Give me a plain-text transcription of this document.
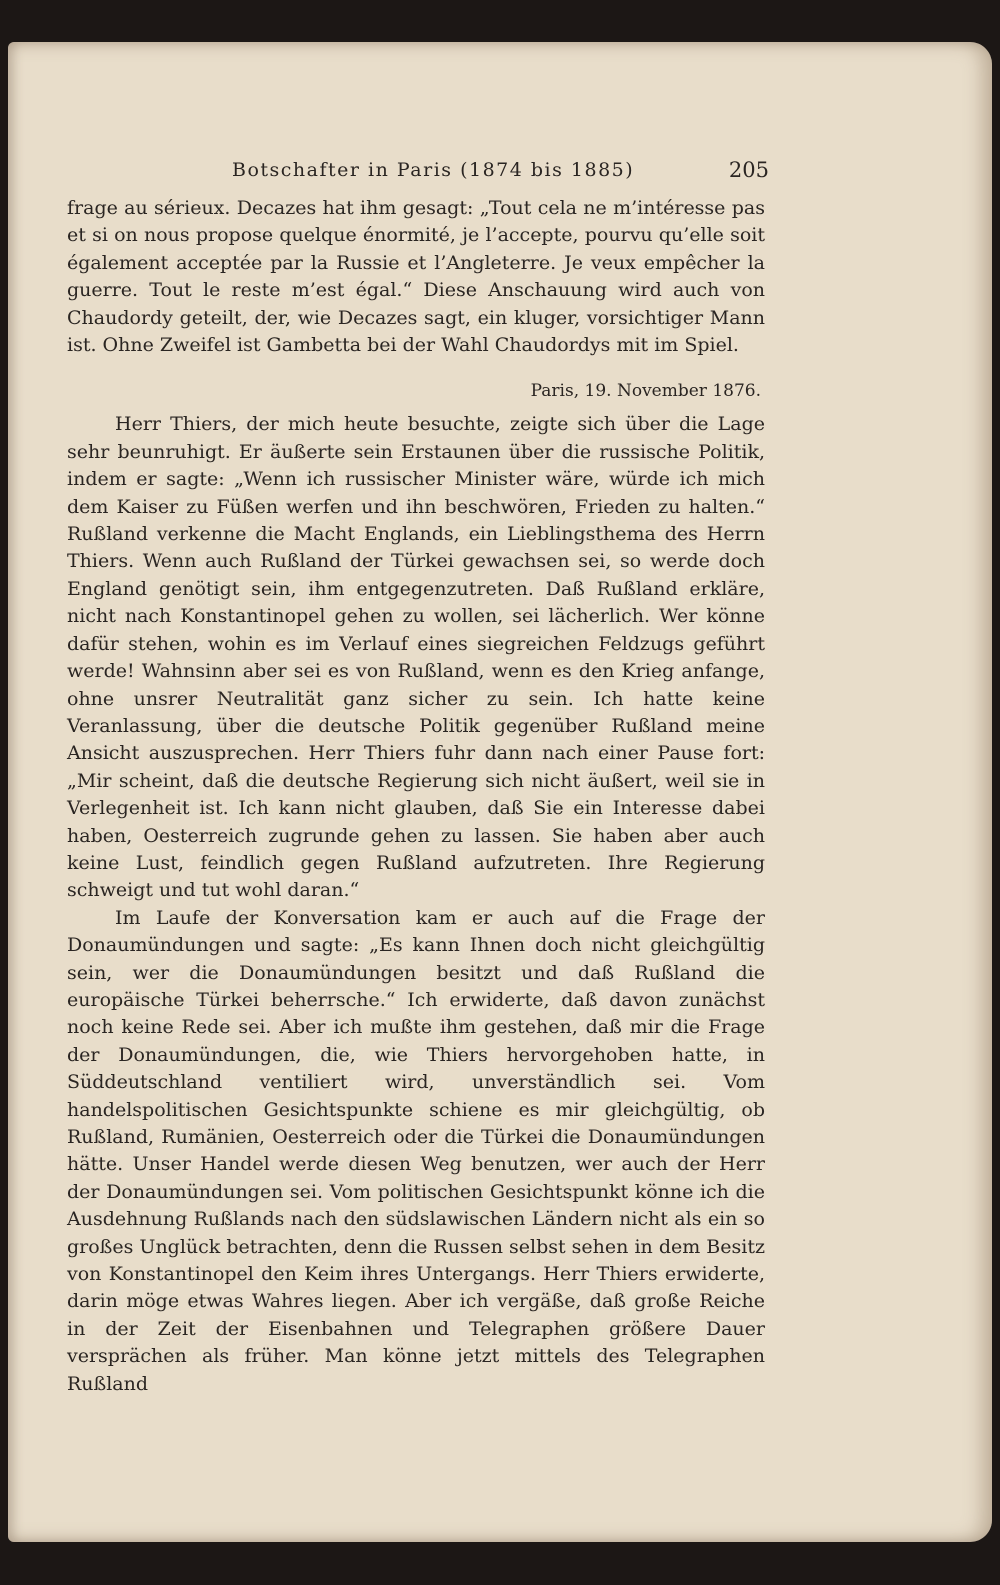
Botschafter in Paris (1874 bis 1885)	205

frage au sérieux. Decazes hat ihm gesagt: „Tout cela ne m’intéresse pas et si on nous propose quelque énormité, je l’accepte, pourvu qu’elle soit également acceptée par la Russie et l’Angleterre. Je veux empêcher la guerre. Tout le reste m’est égal.“ Diese Anschauung wird auch von Chaudordy geteilt, der, wie Decazes sagt, ein kluger, vorsichtiger Mann ist. Ohne Zweifel ist Gambetta bei der Wahl Chaudordys mit im Spiel.

Paris, 19. November 1876.

Herr Thiers, der mich heute besuchte, zeigte sich über die Lage sehr beunruhigt. Er äußerte sein Erstaunen über die russische Politik, indem er sagte: „Wenn ich russischer Minister wäre, würde ich mich dem Kaiser zu Füßen werfen und ihn beschwören, Frieden zu halten.“ Rußland verkenne die Macht Englands, ein Lieblingsthema des Herrn Thiers. Wenn auch Rußland der Türkei gewachsen sei, so werde doch England genötigt sein, ihm entgegenzutreten. Daß Rußland erkläre, nicht nach Konstantinopel gehen zu wollen, sei lächerlich. Wer könne dafür stehen, wohin es im Verlauf eines siegreichen Feldzugs geführt werde! Wahnsinn aber sei es von Rußland, wenn es den Krieg anfange, ohne unsrer Neutralität ganz sicher zu sein. Ich hatte keine Veranlassung, über die deutsche Politik gegenüber Rußland meine Ansicht auszusprechen. Herr Thiers fuhr dann nach einer Pause fort: „Mir scheint, daß die deutsche Regierung sich nicht äußert, weil sie in Verlegenheit ist. Ich kann nicht glauben, daß Sie ein Interesse dabei haben, Oesterreich zugrunde gehen zu lassen. Sie haben aber auch keine Lust, feindlich gegen Rußland aufzutreten. Ihre Regierung schweigt und tut wohl daran.“

Im Laufe der Konversation kam er auch auf die Frage der Donaumündungen und sagte: „Es kann Ihnen doch nicht gleichgültig sein, wer die Donaumündungen besitzt und daß Rußland die europäische Türkei beherrsche.“ Ich erwiderte, daß davon zunächst noch keine Rede sei. Aber ich mußte ihm gestehen, daß mir die Frage der Donaumündungen, die, wie Thiers hervorgehoben hatte, in Süddeutschland ventiliert wird, unverständlich sei. Vom handelspolitischen Gesichtspunkte schiene es mir gleichgültig, ob Rußland, Rumänien, Oesterreich oder die Türkei die Donaumündungen hätte. Unser Handel werde diesen Weg benutzen, wer auch der Herr der Donaumündungen sei. Vom politischen Gesichtspunkt könne ich die Ausdehnung Rußlands nach den südslawischen Ländern nicht als ein so großes Unglück betrachten, denn die Russen selbst sehen in dem Besitz von Konstantinopel den Keim ihres Untergangs. Herr Thiers erwiderte, darin möge etwas Wahres liegen. Aber ich vergäße, daß große Reiche in der Zeit der Eisenbahnen und Telegraphen größere Dauer versprächen als früher. Man könne jetzt mittels des Telegraphen Rußland
